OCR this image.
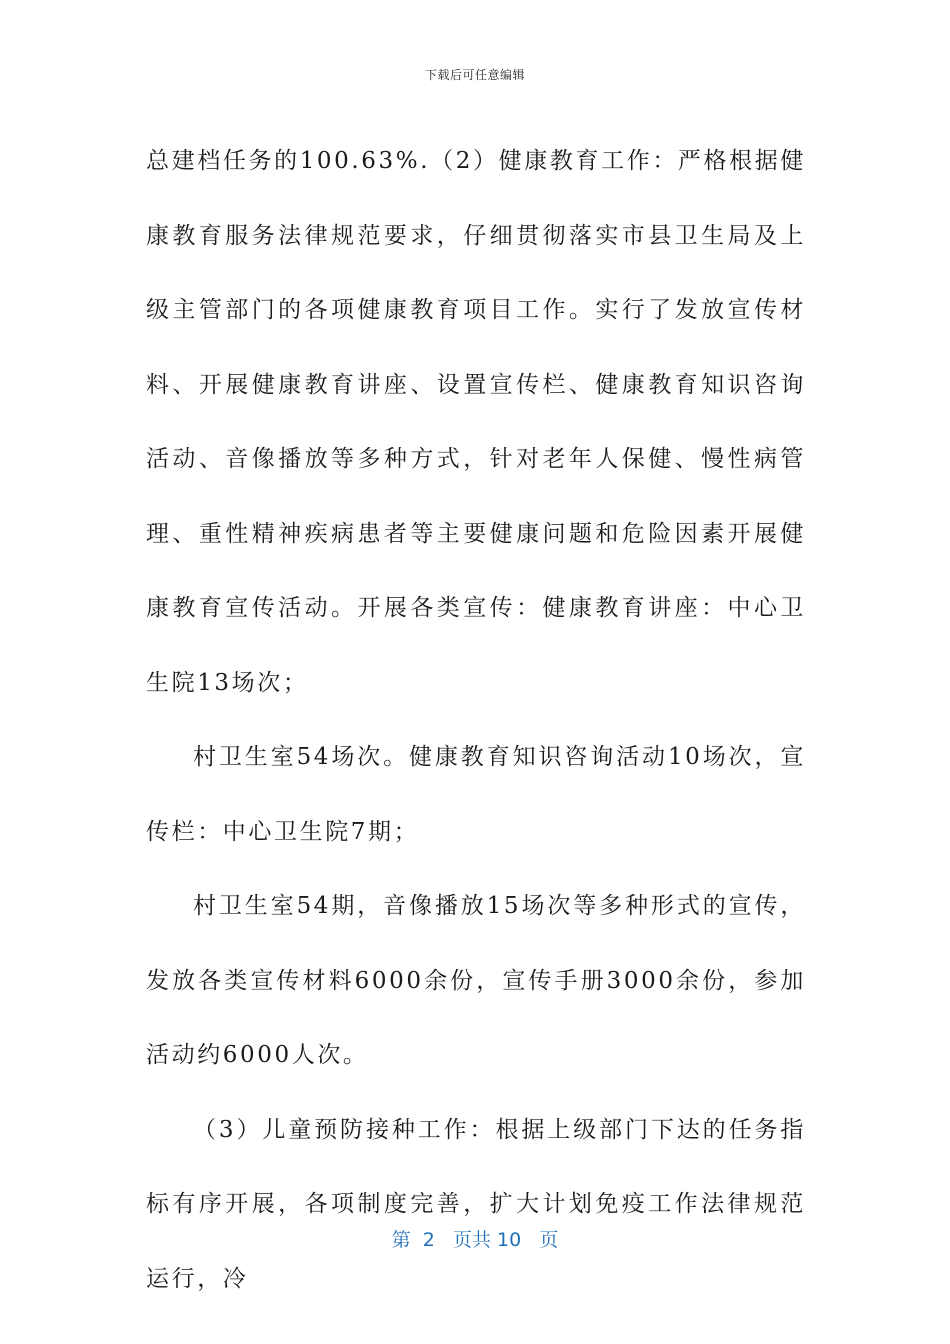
下载后可任意编辑

总建档任务的100.63%.（2）健康教育工作：严格根据健康教育服务法律规范要求，仔细贯彻落实市县卫生局及上级主管部门的各项健康教育项目工作。实行了发放宣传材料、开展健康教育讲座、设置宣传栏、健康教育知识咨询活动、音像播放等多种方式，针对老年人保健、慢性病管理、重性精神疾病患者等主要健康问题和危险因素开展健康教育宣传活动。开展各类宣传：健康教育讲座：中心卫生院13场次；

村卫生室54场次。健康教育知识咨询活动10场次，宣传栏：中心卫生院7期；

村卫生室54期，音像播放15场次等多种形式的宣传，发放各类宣传材料6000余份，宣传手册3000余份，参加活动约6000人次。

（3）儿童预防接种工作：根据上级部门下达的任务指标有序开展，各项制度完善，扩大计划免疫工作法律规范运行，冷

第 2 页共 10 页
